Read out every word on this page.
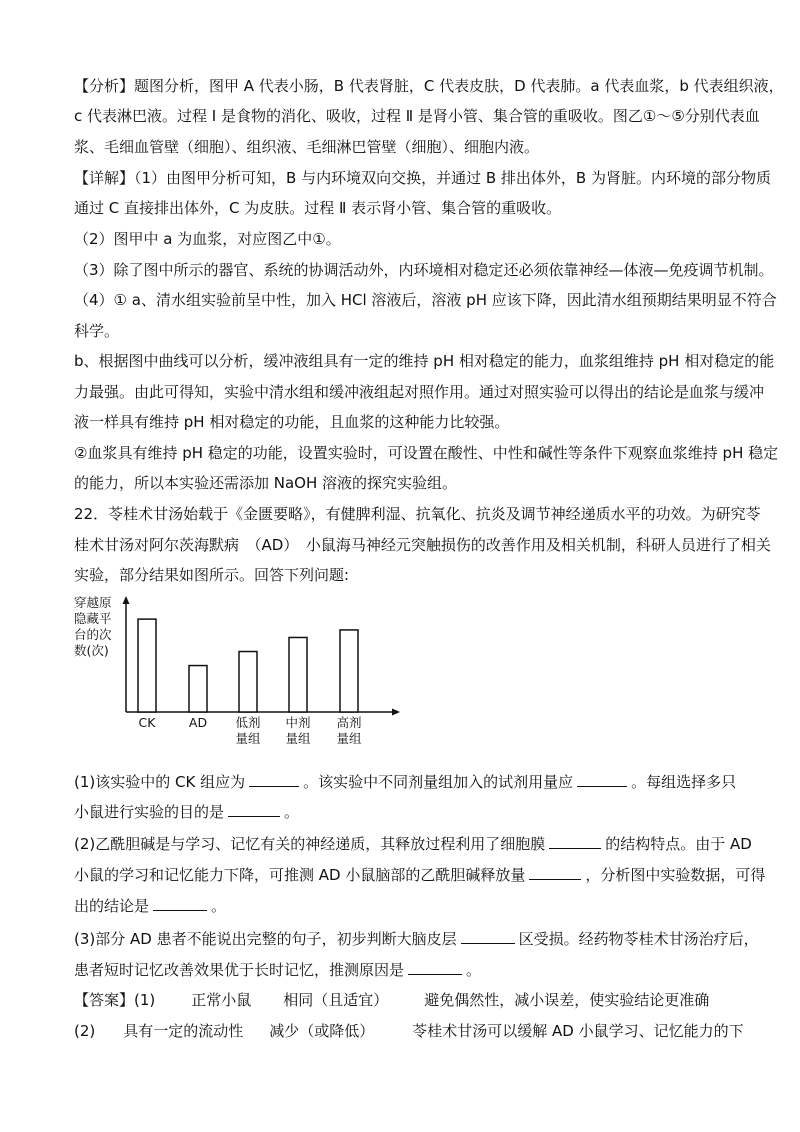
【分析】题图分析，图甲 A 代表小肠，B 代表肾脏，C 代表皮肤，D 代表肺。a 代表血浆，b 代表组织液，
c 代表淋巴液。过程 Ⅰ 是食物的消化、吸收，过程 Ⅱ 是肾小管、集合管的重吸收。图乙①～⑤分别代表血
浆、毛细血管壁（细胞）、组织液、毛细淋巴管壁（细胞）、细胞内液。
【详解】（1）由图甲分析可知，B 与内环境双向交换，并通过 B 排出体外，B 为肾脏。内环境的部分物质
通过 C 直接排出体外，C 为皮肤。过程 Ⅱ 表示肾小管、集合管的重吸收。
（2）图甲中 a 为血浆，对应图乙中①。
（3）除了图中所示的器官、系统的协调活动外，内环境相对稳定还必须依靠神经—体液—免疫调节机制。
（4）① a、清水组实验前呈中性，加入 HCl 溶液后，溶液 pH 应该下降，因此清水组预期结果明显不符合
科学。
b、根据图中曲线可以分析，缓冲液组具有一定的维持 pH 相对稳定的能力，血浆组维持 pH 相对稳定的能
力最强。由此可得知，实验中清水组和缓冲液组起对照作用。通过对照实验可以得出的结论是血浆与缓冲
液一样具有维持 pH 相对稳定的功能，且血浆的这种能力比较强。
②血浆具有维持 pH 稳定的功能，设置实验时，可设置在酸性、中性和碱性等条件下观察血浆维持 pH 稳定
的能力，所以本实验还需添加 NaOH 溶液的探究实验组。
22．苓桂术甘汤始载于《金匮要略》，有健脾利湿、抗氧化、抗炎及调节神经递质水平的功效。为研究苓
桂术甘汤对阿尔茨海默病　（AD）　小鼠海马神经元突触损伤的改善作用及相关机制，科研人员进行了相关
实验，部分结果如图所示。回答下列问题:
穿越原
隐藏平
台的次
数(次)
CK	AD 低剂
量组
中剂
量组
高剂
量组
(1)该实验中的 CK 组应为	。该实验中不同剂量组加入的试剂用量应	。每组选择多只
小鼠进行实验的目的是	。
(2)乙酰胆碱是与学习、记忆有关的神经递质，其释放过程利用了细胞膜	的结构特点。由于 AD
小鼠的学习和记忆能力下降，可推测 AD 小鼠脑部的乙酰胆碱释放量	，分析图中实验数据，可得
出的结论是	。
(3)部分 AD 患者不能说出完整的句子，初步判断大脑皮层	区受损。经药物苓桂术甘汤治疗后，
患者短时记忆改善效果优于长时记忆，推测原因是	。
【答案】(1) 正常小鼠 相同（且适宜） 避免偶然性，减小误差，使实验结论更准确
(2) 具有一定的流动性 减少（或降低）	苓桂术甘汤可以缓解 AD 小鼠学习、记忆能力的下
